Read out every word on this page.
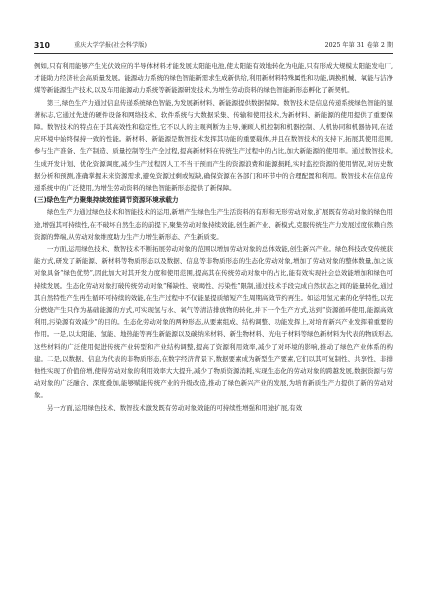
310	重庆大学学报(社会科学版)	2025 年第 31 卷第 2 期

例如,只有利用能够产生光伏效应的半导体材料才能发展太阳能电池,使太阳能有效地转化为电能,只有形成大规模太阳能发电厂,才能助力经济社会高质量发展。能源动力系统的绿色智能新需求生成新供给,利用新材料特殊属性和功能,调换机械、氧能与洁净煤等新能源生产技术,以及车用能源动力系统等新能源研发技术,为增生劳动资料的绿色智能新形态孵化了新契机。

第三,绿色生产力通过信息传递系统绿色智能,为发展新材料、新能源提供数据保障。数智技术是信息传递系统绿色智能的显著标志,它通过先进的硬件设备和网络技术、软件系统与大数据采集、传输和使用技术,为新材料、新能源的使用提供了重要保障。数智技术的特点在于其高效性和稳定性,它不以人的主观判断为主导,兼顾人机控制和机器控制、人机协同和机器协同,在适应环境中始终保持一致的性能。新材料、新能源是数智技术发挥其功能的重要载体,并且在数智技术的支持下,拓展其使用范围,参与生产准备、生产制造、质量控制等生产全过程,提高新材料在传统生产过程中的占比,加大新能源的使用率。通过数智技术,生成开发计划、优化资源调度,减少生产过程因人工不当干预而产生的资源浪费和能源损耗,实时监控资源的使用情况,对历史数据分析和预测,准确掌握未来资源需求,避免资源过剩或短缺,确保资源在各部门和环节中的合理配置和利用。数智技术在信息传递系统中的广泛使用,为增生劳动资料的绿色智能新形态提供了新保障。

(三)绿色生产力聚集持续效能调节资源环境承载力

绿色生产力通过绿色技术和智能技术的运用,新增产生绿色生产生活资料的有形和无形劳动对象,扩展既有劳动对象的绿色用途,增强其可持续性,在不破坏自然生态的前提下,聚集劳动对象持续效能,创生新产业、新模式,克服传统生产力发展过度依赖自然资源的弊端,从劳动对象维度助力生产力增生新形态、产生新质变。

一方面,运用绿色技术、数智技术不断拓展劳动对象的范围以增加劳动对象的总体效能,创生新兴产业。绿色科技改变传统获能方式,研发了新能源、新材料等物质形态以及数据、信息等非物质形态的生态化劳动对象,增加了劳动对象的整体数量,加之该对象具备“绿色优势”,因此加大对其开发力度和使用范围,提高其在传统劳动对象中的占比,能有效实现社会总效能增加和绿色可持续发展。生态化劳动对象打破传统劳动对象“稀缺性、衰竭性、污染性”限制,通过技术手段完成自然状态之间的能量转化,通过其自然特性产生再生循环可持续的效能,在生产过程中不仅能显提质缩短产生周期高效节约再生。如运用氢元素的化学特性,以充分燃烧产生只作为基础能源的方式,可实现氢与水、氧气等清洁排放物的转化,并下一个生产方式,达到“资源循环使用,能源高效利用,污染源有效减少”的目的。生态化劳动对象的两种形态,从要素组成、结构调整、功能发挥上,对培育新兴产业发挥着重要的作用。一是,以太阳能、氢能、地热能等再生新能源以及碳纳米材料、新生物材料、光电子材料等绿色新材料为代表的物质形态,这些材料的广泛使用促进传统产业转型和产业结构调整,提高了资源利用效率,减少了对环境的影响,推动了绿色产业体系的构建。二是,以数据、信息为代表的非物质形态,在数字经济背景下,数据要素成为新型生产要素,它们以其可复制性、共享性、非排他性实现了价值倍增,使得劳动对象的利用效率大大提升,减少了物质资源消耗,实现生态化的劳动对象的跨越发展,数据资源与劳动对象的广泛融合、深度叠加,能够赋能传统产业的升级改造,推动了绿色新兴产业的发展,为培育新质生产力提供了新的劳动对象。

另一方面,运用绿色技术、数智技术激发既有劳动对象效能的可持续性增强和用途扩展,有效
